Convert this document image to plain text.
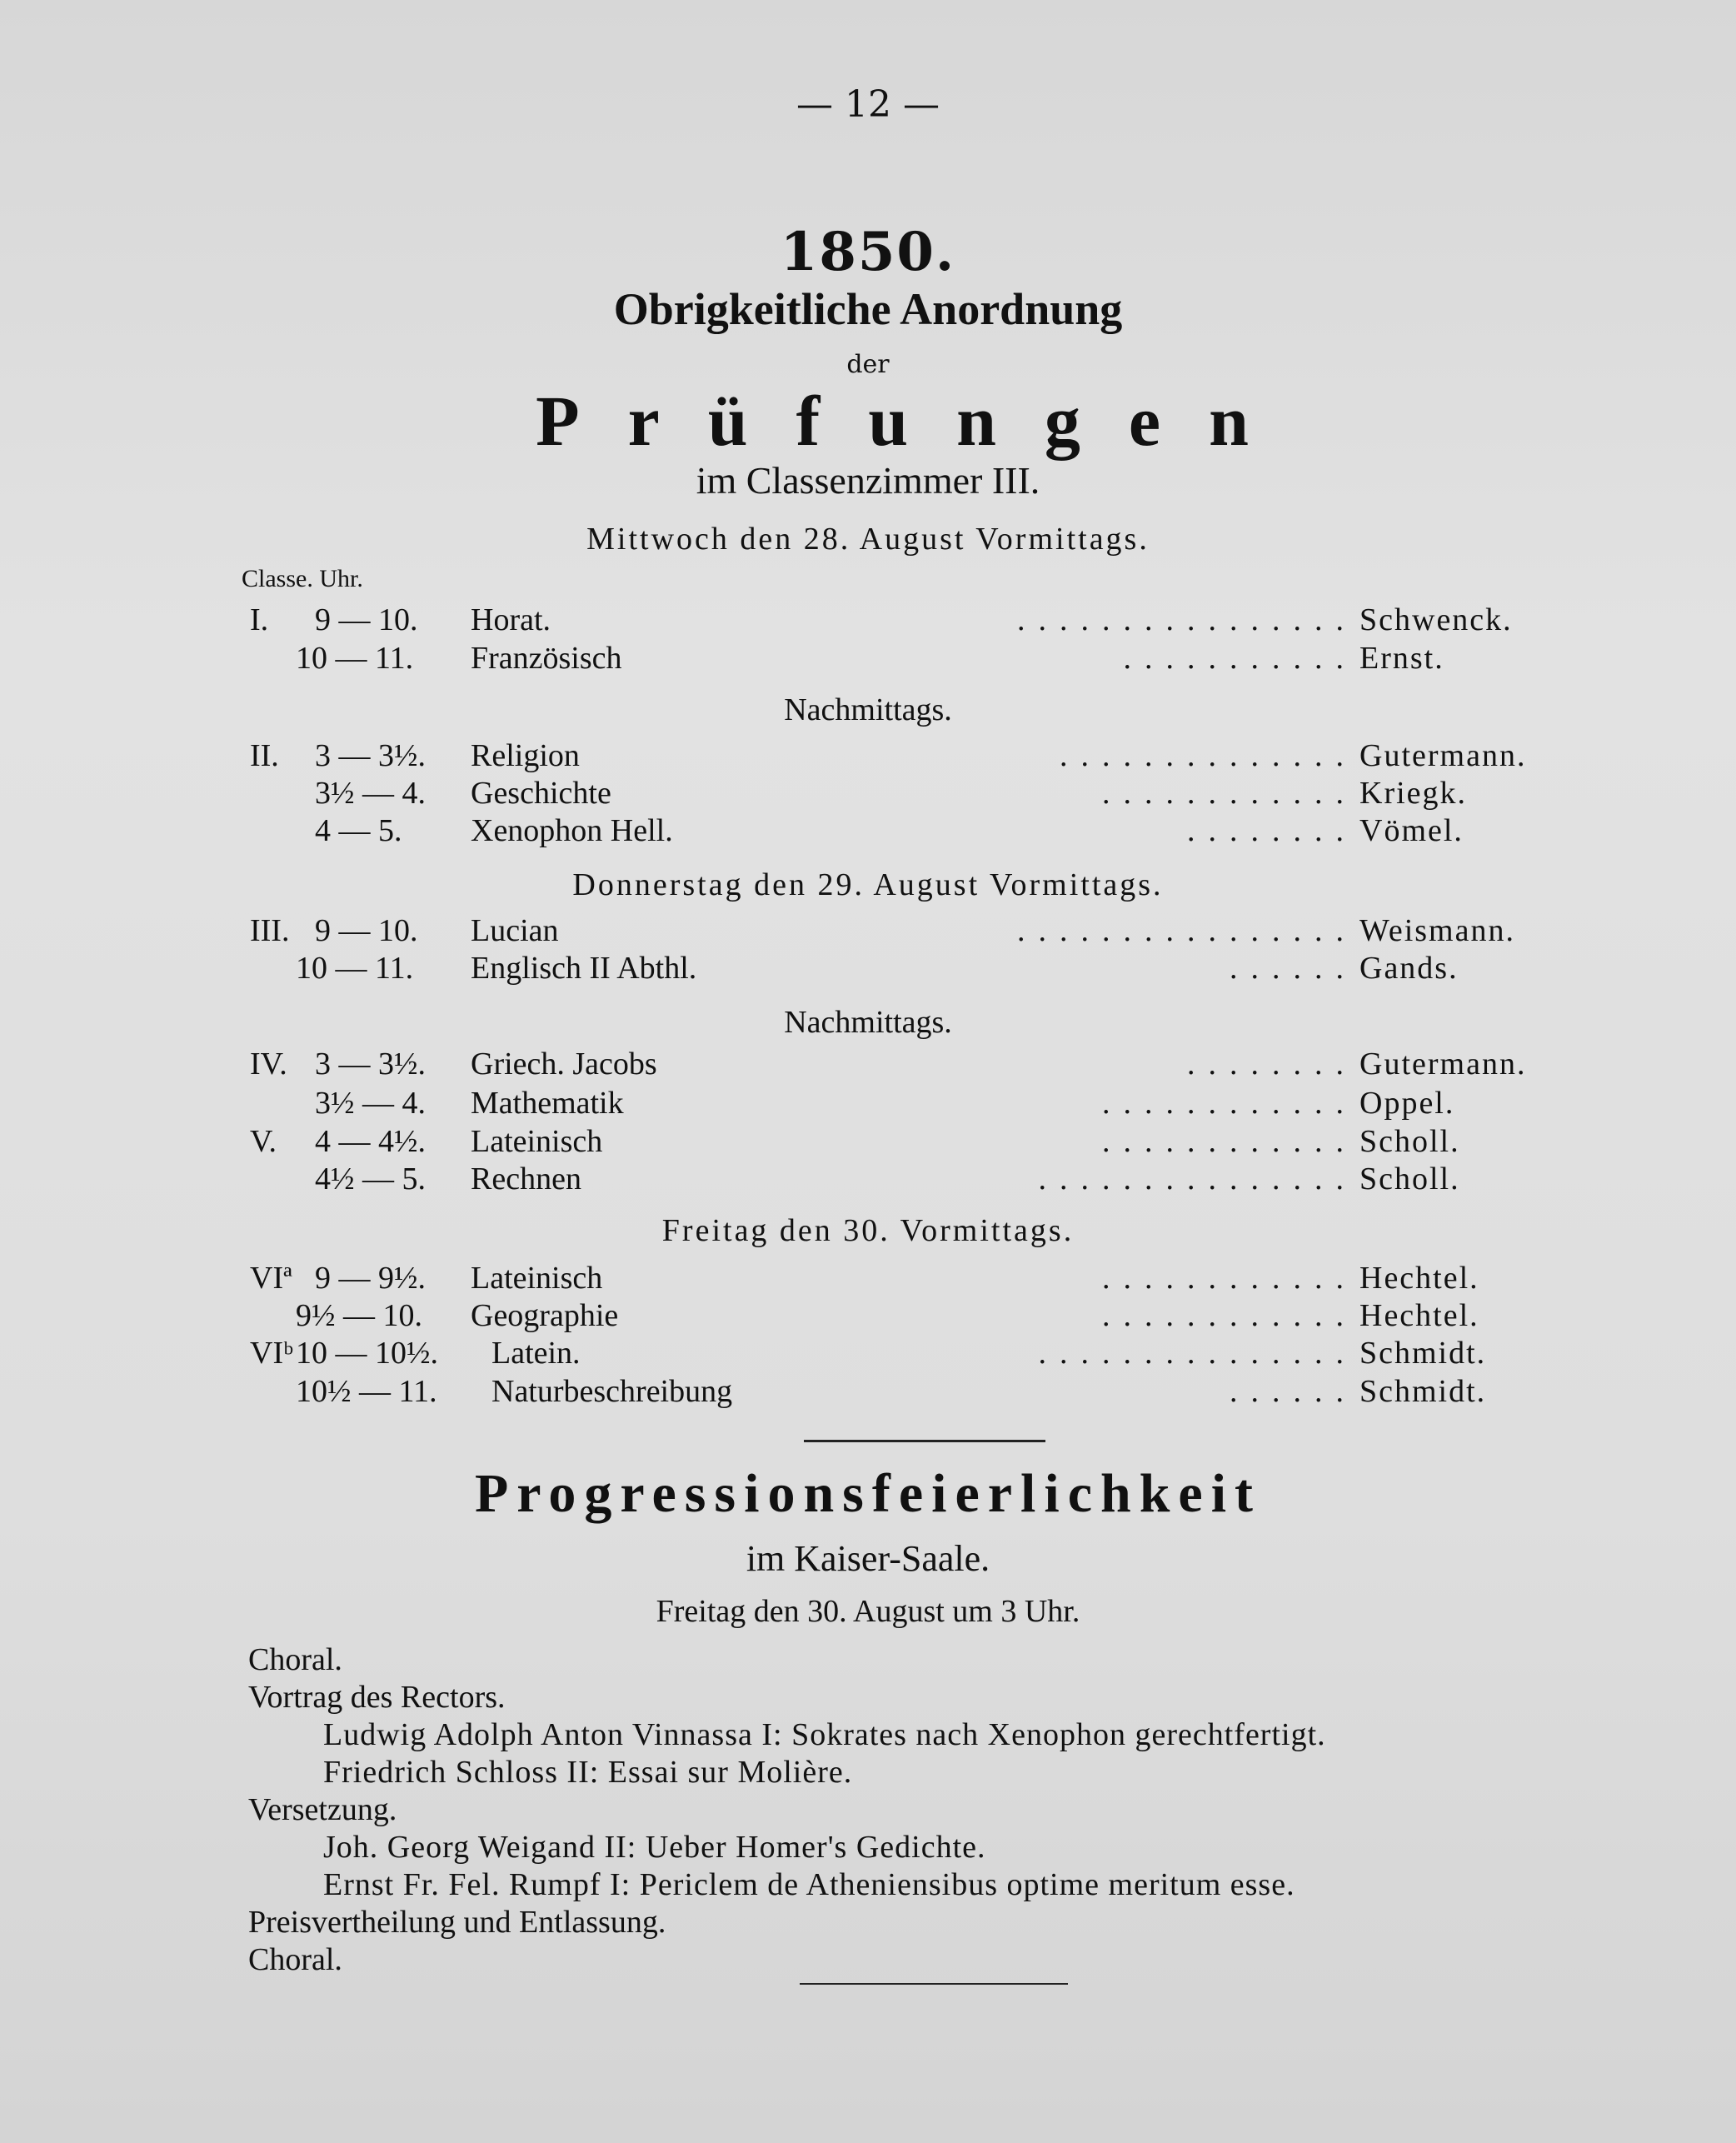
— 12 —
1850.
Obrigkeitliche Anordnung
der
Prüfungen
im Classenzimmer III.
Classe. Uhr.
Mittwoch den 28. August Vormittags.
I. 9 — 10. Horat.	................ Schwenck.
10 — 11. Französisch	........... Ernst.
Nachmittags.
II. 3 — 3½. Religion	.............. Gutermann.
3½ — 4. Geschichte	............ Kriegk.
4 — 5. Xenophon Hell.	........ Vömel.
Donnerstag den 29. August Vormittags.
III. 9 — 10. Lucian	................ Weismann.
10 — 11. Englisch II Abthl.	...... Gands.
Nachmittags.
IV. 3 — 3½. Griech. Jacobs	........ Gutermann.
3½ — 4. Mathematik	............ Oppel.
V. 4 — 4½. Lateinisch	............ Scholl.
4½ — 5. Rechnen	............... Scholl.
Freitag den 30. Vormittags.
VIª 9 — 9½. Lateinisch	............ Hechtel.
9½ — 10. Geographie	............ Hechtel.
VIᵇ 10 — 10½. Latein.	............... Schmidt.
10½ — 11. Naturbeschreibung	...... Schmidt.
Progressionsfeierlichkeit
im Kaiser-Saale.
Freitag den 30. August um 3 Uhr.
Choral.
Vortrag des Rectors.
Ludwig Adolph Anton Vinnassa I: Sokrates nach Xenophon gerechtfertigt.
Friedrich Schloss II: Essai sur Molière.
Versetzung.
Joh. Georg Weigand II: Ueber Homer's Gedichte.
Ernst Fr. Fel. Rumpf I: Periclem de Atheniensibus optime meritum esse.
Preisvertheilung und Entlassung.
Choral.
